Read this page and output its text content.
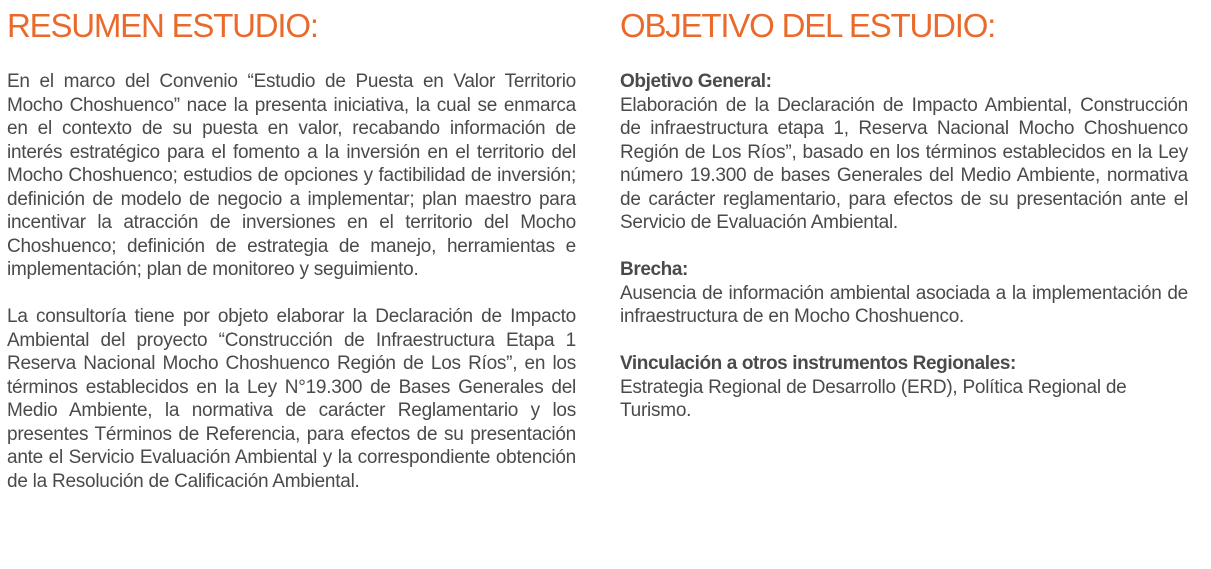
RESUMEN ESTUDIO:

En el marco del Convenio “Estudio de Puesta en Valor Territorio Mocho Choshuenco” nace la presenta iniciativa, la cual se enmarca en el contexto de su puesta en valor, recabando información de interés estratégico para el fomento a la inversión en el territorio del Mocho Choshuenco; estudios de opciones y factibilidad de inversión; definición de modelo de negocio a implementar; plan maestro para incentivar la atracción de inversiones en el territorio del Mocho Choshuenco; definición de estrategia de manejo, herramientas e implementación; plan de monitoreo y seguimiento.

La consultoría tiene por objeto elaborar la Declaración de Impacto Ambiental del proyecto “Construcción de Infraestructura Etapa 1 Reserva Nacional Mocho Choshuenco Región de Los Ríos”, en los términos establecidos en la Ley N°19.300 de Bases Generales del Medio Ambiente, la normativa de carácter Reglamentario y los presentes Términos de Referencia, para efectos de su presentación ante el Servicio Evaluación Ambiental y la correspondiente obtención de la Resolución de Calificación Ambiental.

OBJETIVO DEL ESTUDIO:

Objetivo General:

Elaboración de la Declaración de Impacto Ambiental, Construcción de infraestructura etapa 1, Reserva Nacional Mocho Choshuenco Región de Los Ríos”, basado en los términos establecidos en la Ley número 19.300 de bases Generales del Medio Ambiente, normativa de carácter reglamentario, para efectos de su presentación ante el Servicio de Evaluación Ambiental.

Brecha:

Ausencia de información ambiental asociada a la implementación de infraestructura de en Mocho Choshuenco.

Vinculación a otros instrumentos Regionales:

Estrategia Regional de Desarrollo (ERD), Política Regional de Turismo.
